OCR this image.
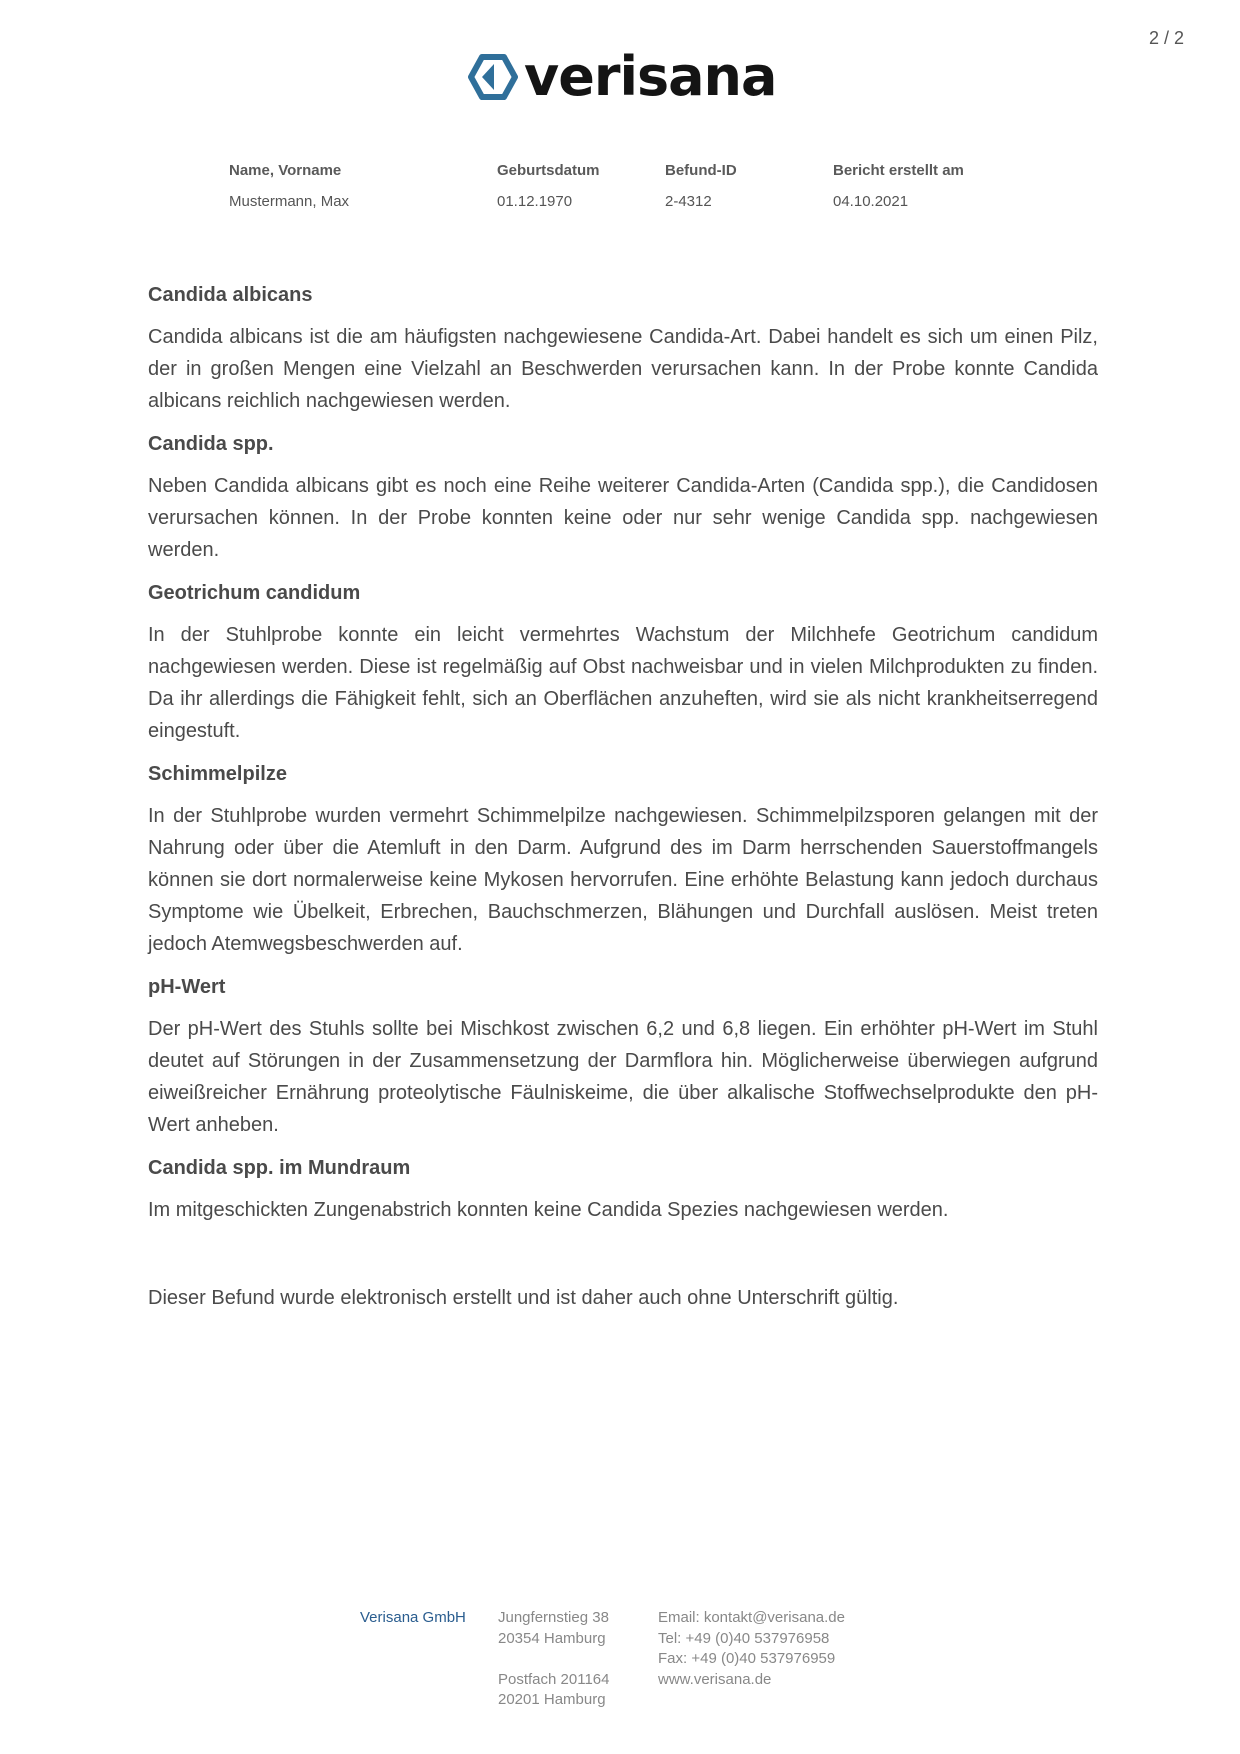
2 / 2
verisana
Name, Vorname	Geburtsdatum	Befund-ID	Bericht erstellt am
Mustermann, Max	01.12.1970	2-4312	04.10.2021
Candida albicans

Candida albicans ist die am häufigsten nachgewiesene Candida-Art. Dabei handelt es sich um einen Pilz, der in großen Mengen eine Vielzahl an Beschwerden verursachen kann. In der Probe konnte Candida albicans reichlich nachgewiesen werden.

Candida spp.

Neben Candida albicans gibt es noch eine Reihe weiterer Candida-Arten (Candida spp.), die Candidosen verursachen können. In der Probe konnten keine oder nur sehr wenige Candida spp. nachgewiesen werden.

Geotrichum candidum

In der Stuhlprobe konnte ein leicht vermehrtes Wachstum der Milchhefe Geotrichum candidum nachgewiesen werden. Diese ist regelmäßig auf Obst nachweisbar und in vielen Milchprodukten zu finden. Da ihr allerdings die Fähigkeit fehlt, sich an Oberflächen anzuheften, wird sie als nicht krankheitserregend eingestuft.

Schimmelpilze

In der Stuhlprobe wurden vermehrt Schimmelpilze nachgewiesen. Schimmelpilzsporen gelangen mit der Nahrung oder über die Atemluft in den Darm. Aufgrund des im Darm herrschenden Sauerstoffmangels können sie dort normalerweise keine Mykosen hervorrufen. Eine erhöhte Belastung kann jedoch durchaus Symptome wie Übelkeit, Erbrechen, Bauchschmerzen, Blähungen und Durchfall auslösen. Meist treten jedoch Atemwegsbeschwerden auf.

pH-Wert

Der pH-Wert des Stuhls sollte bei Mischkost zwischen 6,2 und 6,8 liegen. Ein erhöhter pH-Wert im Stuhl deutet auf Störungen in der Zusammensetzung der Darmflora hin. Möglicherweise überwiegen aufgrund eiweißreicher Ernährung proteolytische Fäulniskeime, die über alkalische Stoffwechselprodukte den pH-Wert anheben.

Candida spp. im Mundraum

Im mitgeschickten Zungenabstrich konnten keine Candida Spezies nachgewiesen werden.

Dieser Befund wurde elektronisch erstellt und ist daher auch ohne Unterschrift gültig.
Verisana GmbH	Jungfernstieg 38
20354 Hamburg
Postfach 201164
20201 Hamburg
Email: kontakt@verisana.de
Tel: +49 (0)40 537976958
Fax: +49 (0)40 537976959
www.verisana.de
